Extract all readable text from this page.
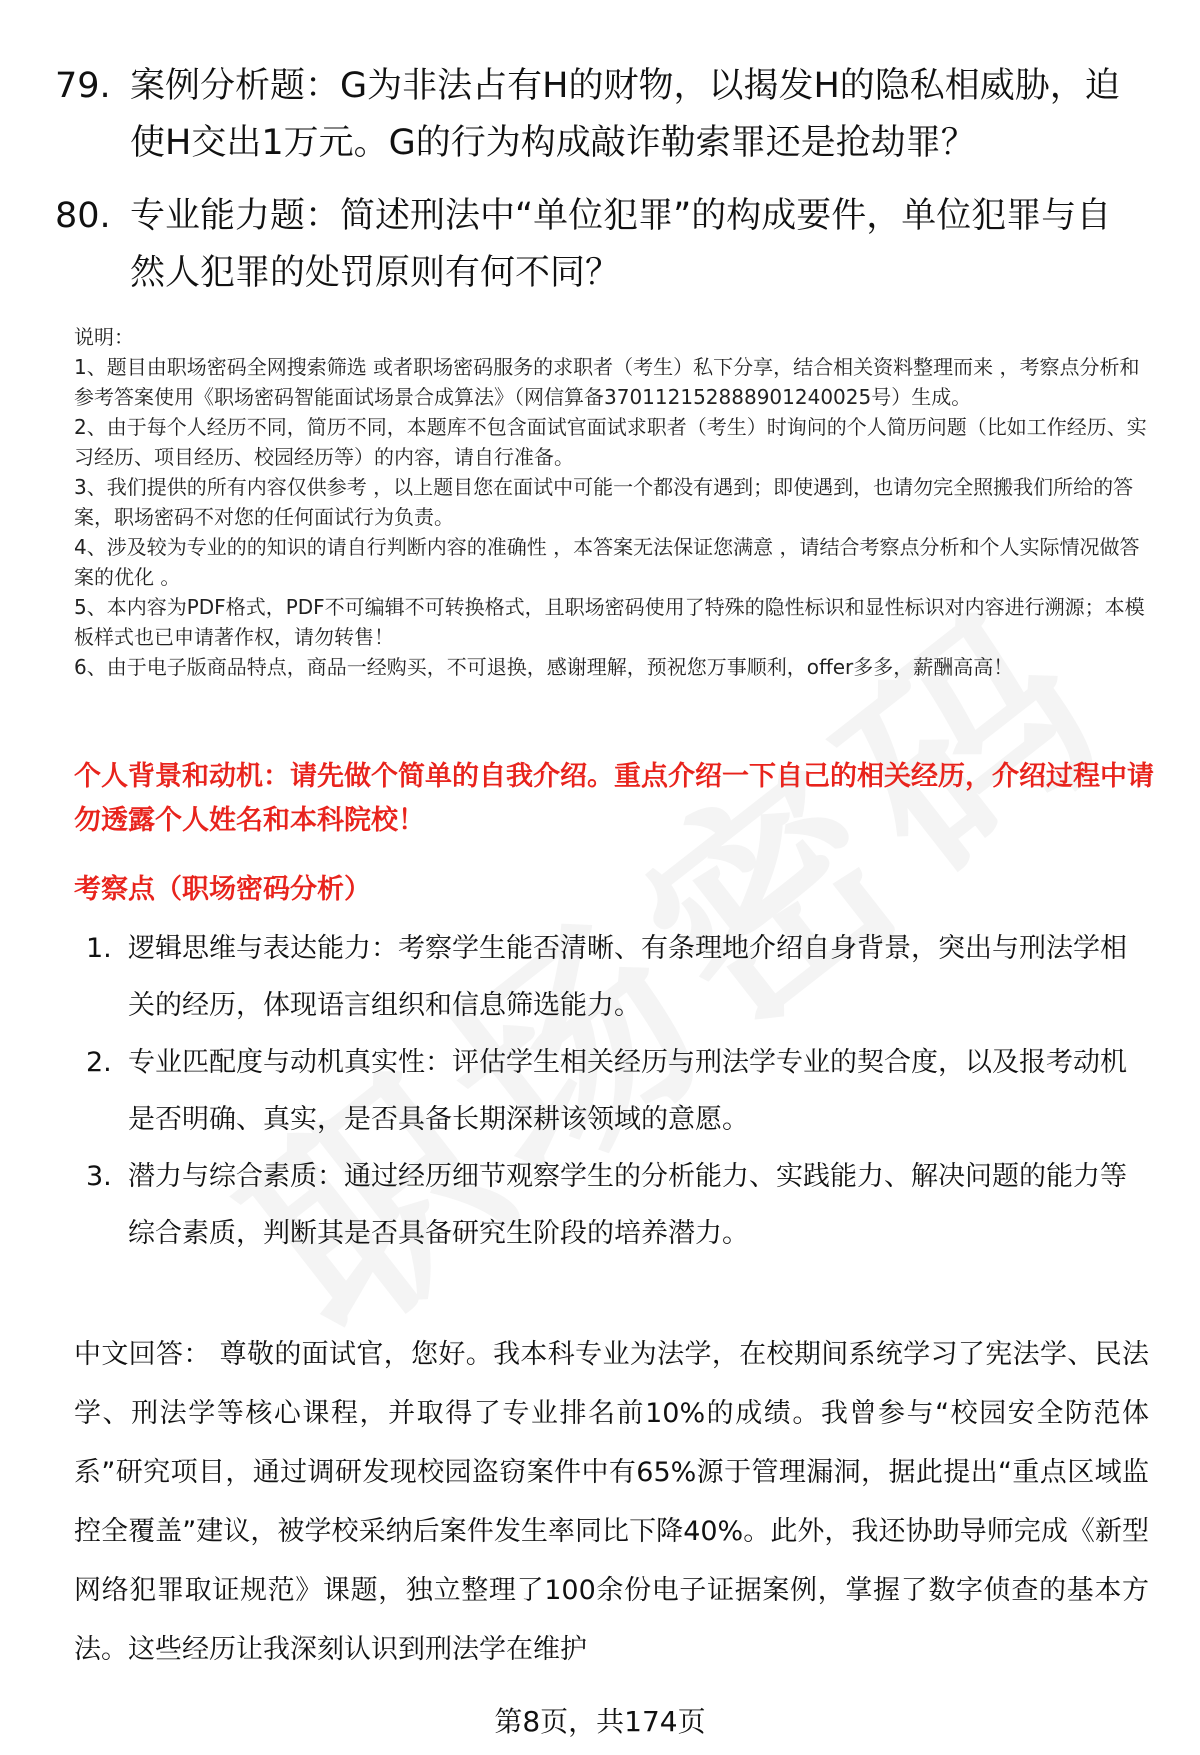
79. 案例分析题：G为非法占有H的财物，以揭发H的隐私相威胁，迫使H交出1万元。G的行为构成敲诈勒索罪还是抢劫罪？
80. 专业能力题：简述刑法中“单位犯罪”的构成要件，单位犯罪与自然人犯罪的处罚原则有何不同？
说明：
1、题目由职场密码全网搜索筛选 或者职场密码服务的求职者（考生）私下分享，结合相关资料整理而来 ，考察点分析和参考答案使用《职场密码智能面试场景合成算法》（网信算备370112152888901240025号）生成。
2、由于每个人经历不同，简历不同，本题库不包含面试官面试求职者（考生）时询问的个人简历问题（比如工作经历、实习经历、项目经历、校园经历等）的内容，请自行准备。
3、我们提供的所有内容仅供参考 ，以上题目您在面试中可能一个都没有遇到；即使遇到，也请勿完全照搬我们所给的答案，职场密码不对您的任何面试行为负责。
4、涉及较为专业的的知识的请自行判断内容的准确性 ，本答案无法保证您满意 ，请结合考察点分析和个人实际情况做答案的优化 。
5、本内容为PDF格式，PDF不可编辑不可转换格式，且职场密码使用了特殊的隐性标识和显性标识对内容进行溯源；本模板样式也已申请著作权，请勿转售！
6、由于电子版商品特点，商品一经购买，不可退换，感谢理解，预祝您万事顺利，offer多多，薪酬高高！
个人背景和动机：请先做个简单的自我介绍。重点介绍一下自己的相关经历，介绍过程中请勿透露个人姓名和本科院校！
考察点（职场密码分析）
1. 逻辑思维与表达能力：考察学生能否清晰、有条理地介绍自身背景，突出与刑法学相关的经历，体现语言组织和信息筛选能力。
2. 专业匹配度与动机真实性：评估学生相关经历与刑法学专业的契合度，以及报考动机是否明确、真实，是否具备长期深耕该领域的意愿。
3. 潜力与综合素质：通过经历细节观察学生的分析能力、实践能力、解决问题的能力等综合素质，判断其是否具备研究生阶段的培养潜力。
中文回答： 尊敬的面试官，您好。我本科专业为法学，在校期间系统学习了宪法学、民法学、刑法学等核心课程，并取得了专业排名前10%的成绩。我曾参与“校园安全防范体系”研究项目，通过调研发现校园盗窃案件中有65%源于管理漏洞，据此提出“重点区域监控全覆盖”建议，被学校采纳后案件发生率同比下降40%。此外，我还协助导师完成《新型网络犯罪取证规范》课题，独立整理了100余份电子证据案例，掌握了数字侦查的基本方法。这些经历让我深刻认识到刑法学在维护
第8页，共174页
